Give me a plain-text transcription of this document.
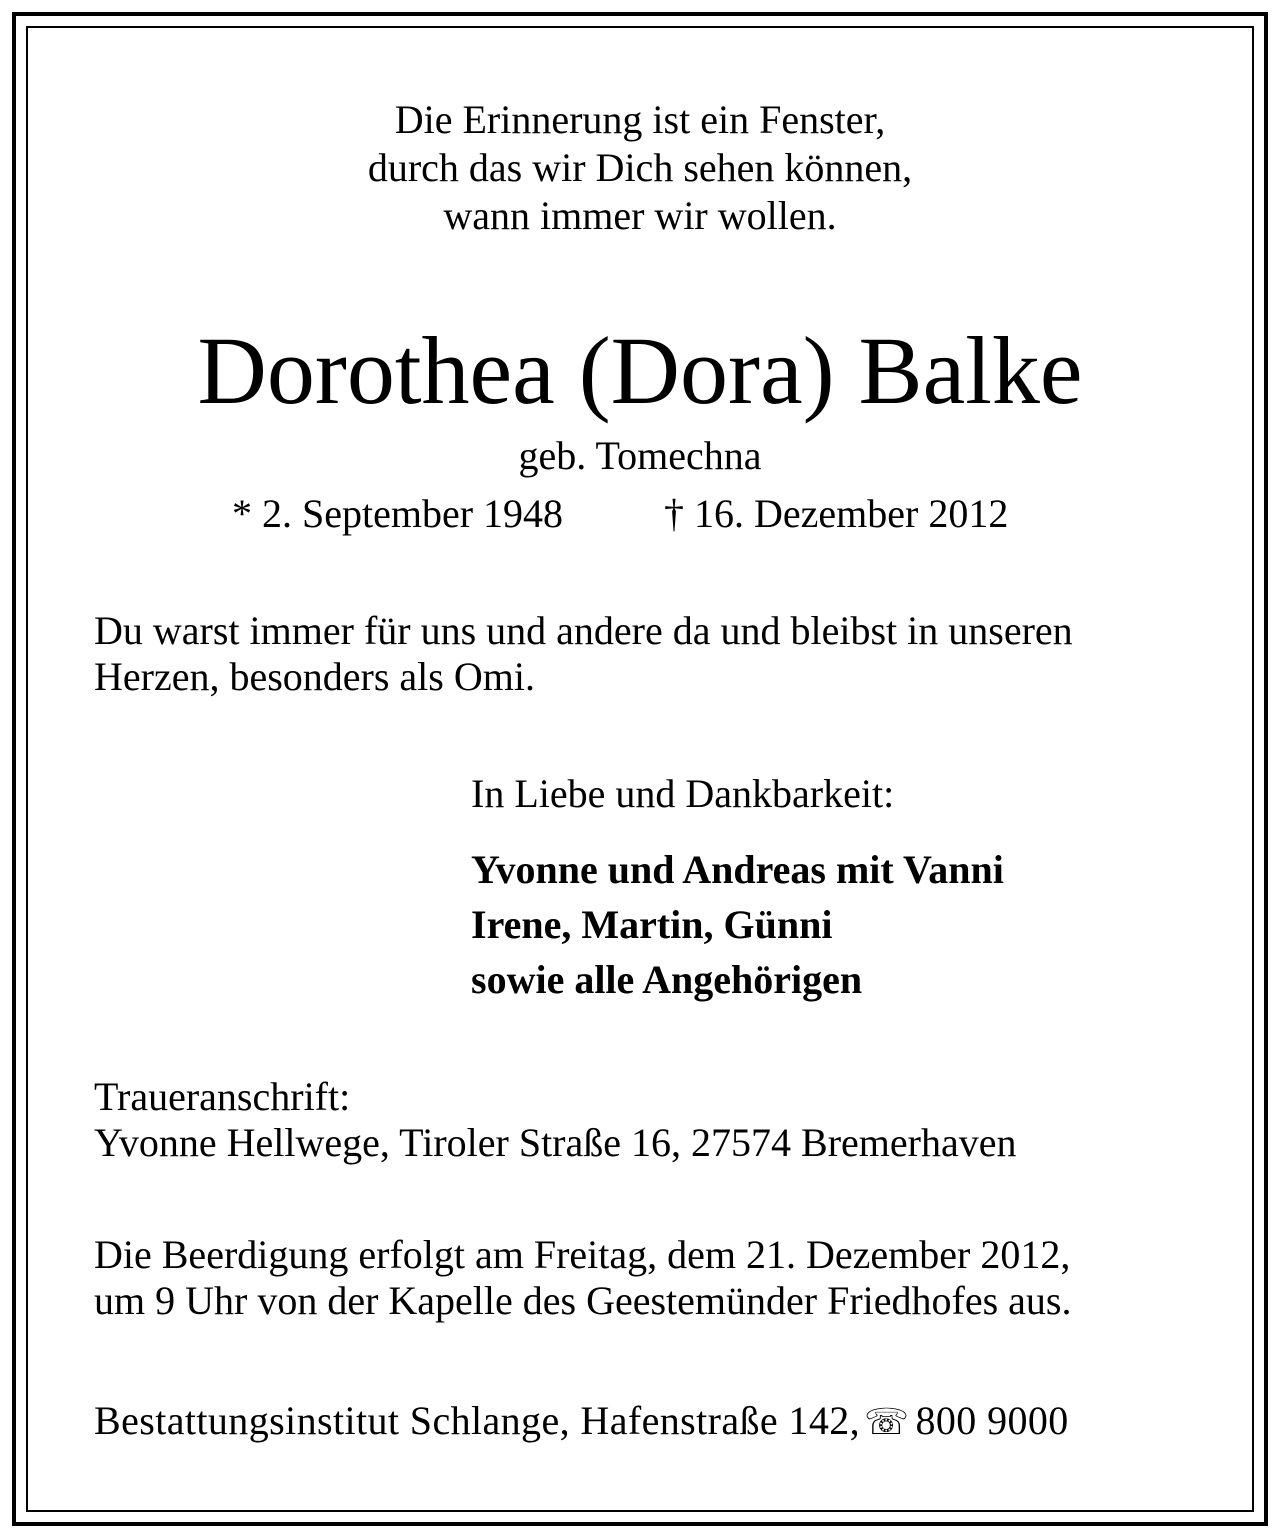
Die Erinnerung ist ein Fenster,
durch das wir Dich sehen können,
wann immer wir wollen.
Dorothea (Dora) Balke
geb. Tomechna
* 2. September 1948	† 16. Dezember 2012
Du warst immer für uns und andere da und bleibst in unseren
Herzen, besonders als Omi.
In Liebe und Dankbarkeit:
Yvonne und Andreas mit Vanni
Irene, Martin, Günni
sowie alle Angehörigen
Traueranschrift:
Yvonne Hellwege, Tiroler Straße 16, 27574 Bremerhaven
Die Beerdigung erfolgt am Freitag, dem 21. Dezember 2012,
um 9 Uhr von der Kapelle des Geestemünder Friedhofes aus.
Bestattungsinstitut Schlange, Hafenstraße 142, ☏ 800 9000
